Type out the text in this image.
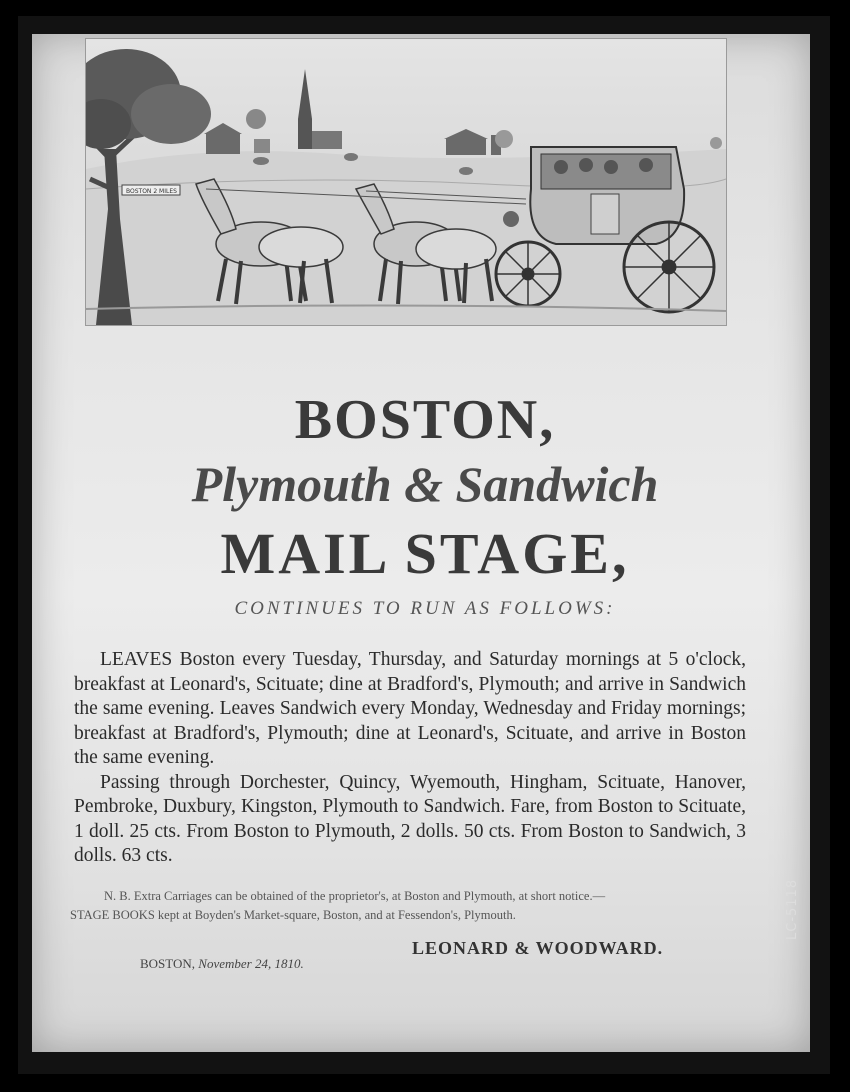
BOSTON 2 MILES
BOSTON,
Plymouth & Sandwich
MAIL STAGE,
CONTINUES TO RUN AS FOLLOWS:

LEAVES Boston every Tuesday, Thursday, and Saturday mornings at 5 o'clock, breakfast at Leonard's, Scituate; dine at Bradford's, Plymouth; and arrive in Sandwich the same evening. Leaves Sandwich every Monday, Wednesday and Friday mornings; breakfast at Bradford's, Plymouth; dine at Leonard's, Scituate, and arrive in Boston the same evening.

Passing through Dorchester, Quincy, Wyemouth, Hingham, Scituate, Hanover, Pembroke, Duxbury, Kingston, Plymouth to Sandwich. Fare, from Boston to Scituate, 1 doll. 25 cts. From Boston to Plymouth, 2 dolls. 50 cts. From Boston to Sandwich, 3 dolls. 63 cts.

N. B. Extra Carriages can be obtained of the proprietor's, at Boston and Plymouth, at short notice.—
STAGE BOOKS kept at Boyden's Market-square, Boston, and at Fessendon's, Plymouth.
LEONARD & WOODWARD.
BOSTON, November 24, 1810.
LC-5118
